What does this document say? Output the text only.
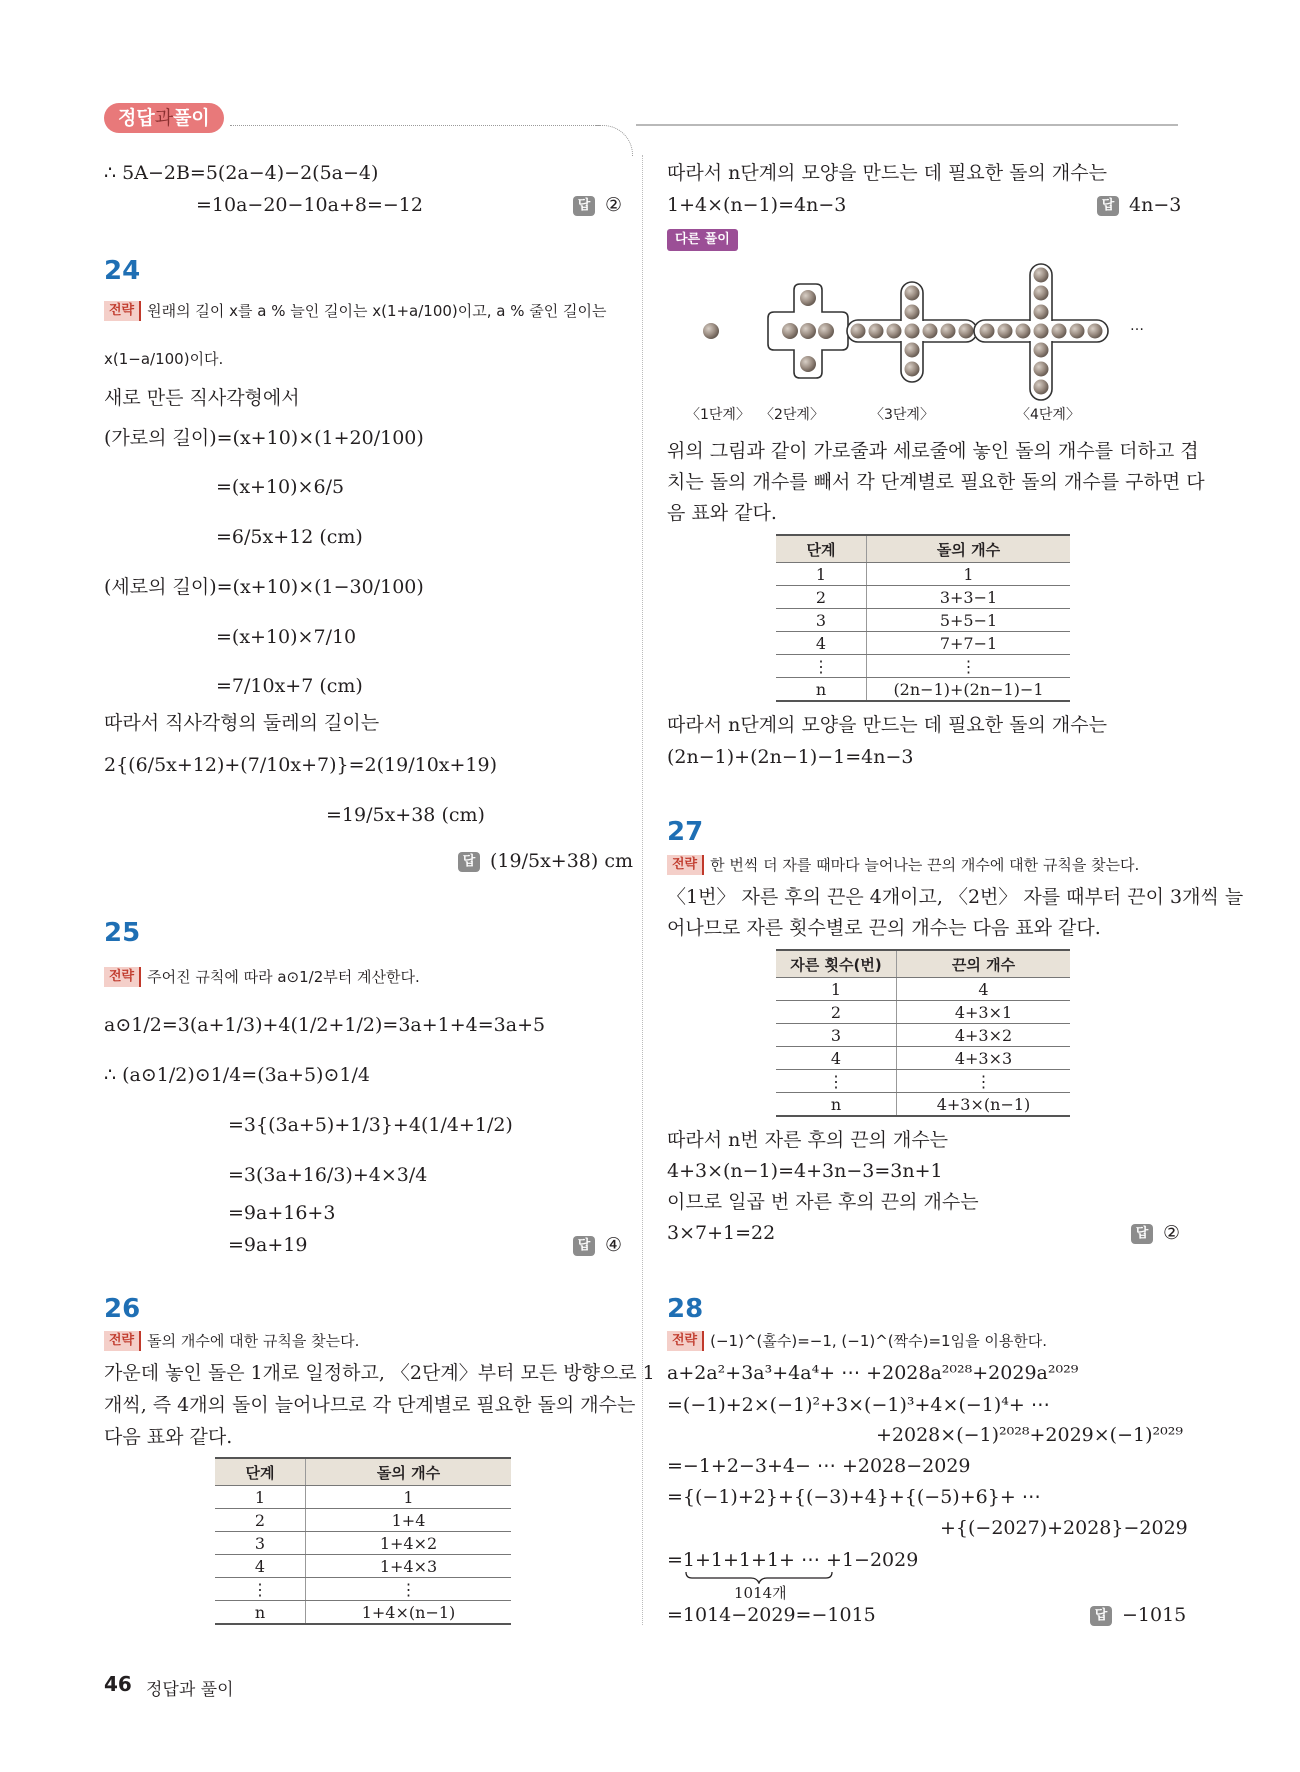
정답과풀이
∴ 5A−2B=5(2a−4)−2(5a−4)
=10a−20−10a+8=−12	답 ②
24
전략 원래의 길이 x를 a % 늘인 길이는 x(1+a/100)이고, a % 줄인 길이는
x(1−a/100)이다.
새로 만든 직사각형에서
(가로의 길이)=(x+10)×(1+20/100)
=(x+10)×6/5
=6/5x+12 (cm)
(세로의 길이)=(x+10)×(1−30/100)
=(x+10)×7/10
=7/10x+7 (cm)
따라서 직사각형의 둘레의 길이는
2{(6/5x+12)+(7/10x+7)}=2(19/10x+19)
=19/5x+38 (cm)
답 (19/5x+38) cm
25
전략 주어진 규칙에 따라 a⊙1/2부터 계산한다.
a⊙1/2=3(a+1/3)+4(1/2+1/2)=3a+1+4=3a+5
∴ (a⊙1/2)⊙1/4=(3a+5)⊙1/4
=3{(3a+5)+1/3}+4(1/4+1/2)
=3(3a+16/3)+4×3/4
=9a+16+3
=9a+19	답 ④
26
전략 돌의 개수에 대한 규칙을 찾는다.
가운데 놓인 돌은 1개로 일정하고, 〈2단계〉부터 모든 방향으로 1
개씩, 즉 4개의 돌이 늘어나므로 각 단계별로 필요한 돌의 개수는
다음 표와 같다.
단계	돌의 개수
1	1
2	1+4
3	1+4×2
4	1+4×3
⋮	⋮
n	1+4×(n−1)
따라서 n단계의 모양을 만드는 데 필요한 돌의 개수는
1+4×(n−1)=4n−3	답 4n−3
다른 풀이
…
〈1단계〉 〈2단계〉	〈3단계〉	〈4단계〉
위의 그림과 같이 가로줄과 세로줄에 놓인 돌의 개수를 더하고 겹
치는 돌의 개수를 빼서 각 단계별로 필요한 돌의 개수를 구하면 다
음 표와 같다.
단계	돌의 개수
1	1
2	3+3−1
3	5+5−1
4	7+7−1
⋮	⋮
n	(2n−1)+(2n−1)−1
따라서 n단계의 모양을 만드는 데 필요한 돌의 개수는
(2n−1)+(2n−1)−1=4n−3
27
전략 한 번씩 더 자를 때마다 늘어나는 끈의 개수에 대한 규칙을 찾는다.
〈1번〉 자른 후의 끈은 4개이고, 〈2번〉 자를 때부터 끈이 3개씩 늘
어나므로 자른 횟수별로 끈의 개수는 다음 표와 같다.
자른 횟수(번)	끈의 개수
1	4
2	4+3×1
3	4+3×2
4	4+3×3
⋮	⋮
n	4+3×(n−1)
따라서 n번 자른 후의 끈의 개수는
4+3×(n−1)=4+3n−3=3n+1
이므로 일곱 번 자른 후의 끈의 개수는
3×7+1=22	답 ②
28
전략 (−1)^(홀수)=−1, (−1)^(짝수)=1임을 이용한다.
a+2a²+3a³+4a⁴+ ⋯ +2028a²⁰²⁸+2029a²⁰²⁹
=(−1)+2×(−1)²+3×(−1)³+4×(−1)⁴+ ⋯
+2028×(−1)²⁰²⁸+2029×(−1)²⁰²⁹
=−1+2−3+4− ⋯ +2028−2029
={(−1)+2}+{(−3)+4}+{(−5)+6}+ ⋯
+{(−2027)+2028}−2029
=1+1+1+1+ ⋯ +1−2029
1014개
=1014−2029=−1015	답 −1015
46 정답과 풀이
